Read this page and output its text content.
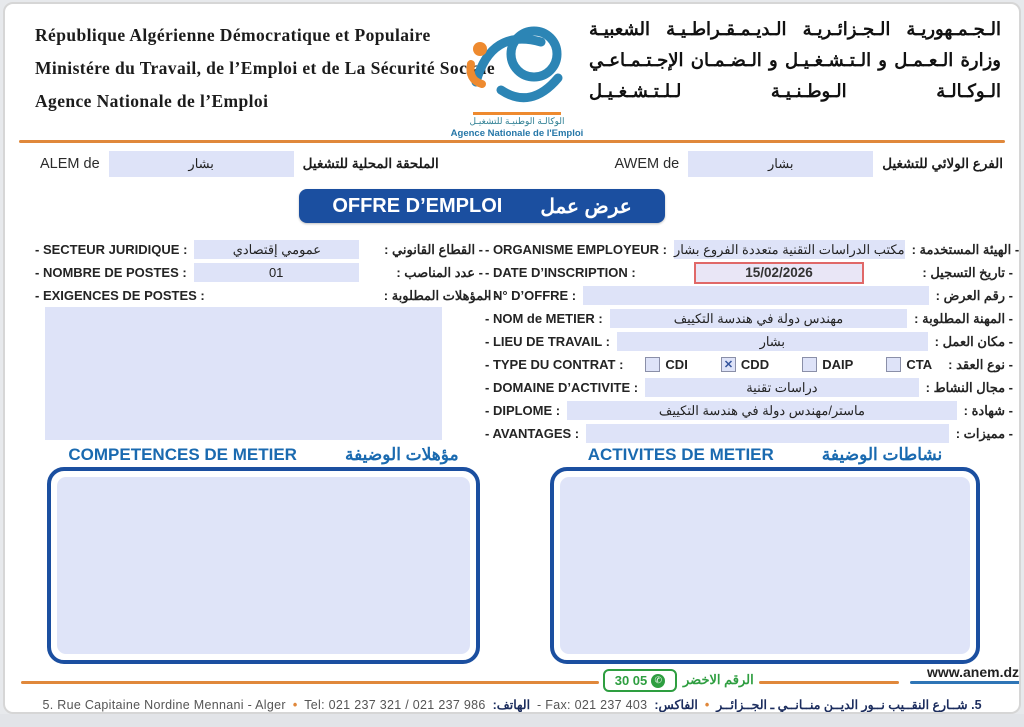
République Algérienne Démocratique et Populaire
Ministére du Travail, de l’Emploi et de La Sécurité Sociale
Agence Nationale de l’Emploi
الوكالـة الوطنيـة للتشغيـل
Agence Nationale de l'Emploi
الـجـمـهوريـة الـجـزائـريـة الـديـمـقـراطـيـة الشعبيـة
وزارة الـعـمـل و الـتـشـغـيـل و الـضـمـان الإجـتـمـاعـي
الـوكـالـة الـوطـنـيـة لـلـتـشـغـيـل
ALEM de	بشار	الملحقة المحلية للتشغيل	AWEM de	بشار	الفرع الولائي للتشغيل
OFFRE D’EMPLOI عرض عمل
- SECTEUR JURIDIQUE :	عمومي إقتصادي	- القطاع القانوني :
- NOMBRE DE POSTES :	01	- عدد المناصب :
- EXIGENCES DE POSTES :	- المؤهلات المطلوبة :
- ORGANISME EMPLOYEUR : مكتب الدراسات التقنية متعددة الفروع بشار - الهيئة المستخدمة :
- DATE D’INSCRIPTION :	15/02/2026	- تاريخ التسجيل :
- N° D’OFFRE :	- رقم العرض :
- NOM de METIER :	مهندس دولة في هندسة التكييف	- المهنة المطلوبة :
- LIEU DE TRAVAIL :	بشار	- مكان العمل :
- TYPE DU CONTRAT :	CDI	✕ CDD	DAIP	CTA - نوع العقد :
- DOMAINE D’ACTIVITE :	دراسات تقنية	- مجال النشاط :
- DIPLOME :	ماستر/مهندس دولة في هندسة التكييف	- شهادة :
- AVANTAGES :	- مميزات :
COMPETENCES DE METIER	مؤهلات الوضيفة	ACTIVITES DE METIER	نشاطات الوضيفة
30 05 ✆ الرقم الاخضر	www.anem.dz
5. Rue Capitaine Nordine Mennani - Alger • Tel: 021 237 321 / 021 237 986 الهاتف: - Fax: 021 237 403 الفاكس: • 5. شــارع النقــيب نــور الديــن منــانــي ـ الجــزائــر
